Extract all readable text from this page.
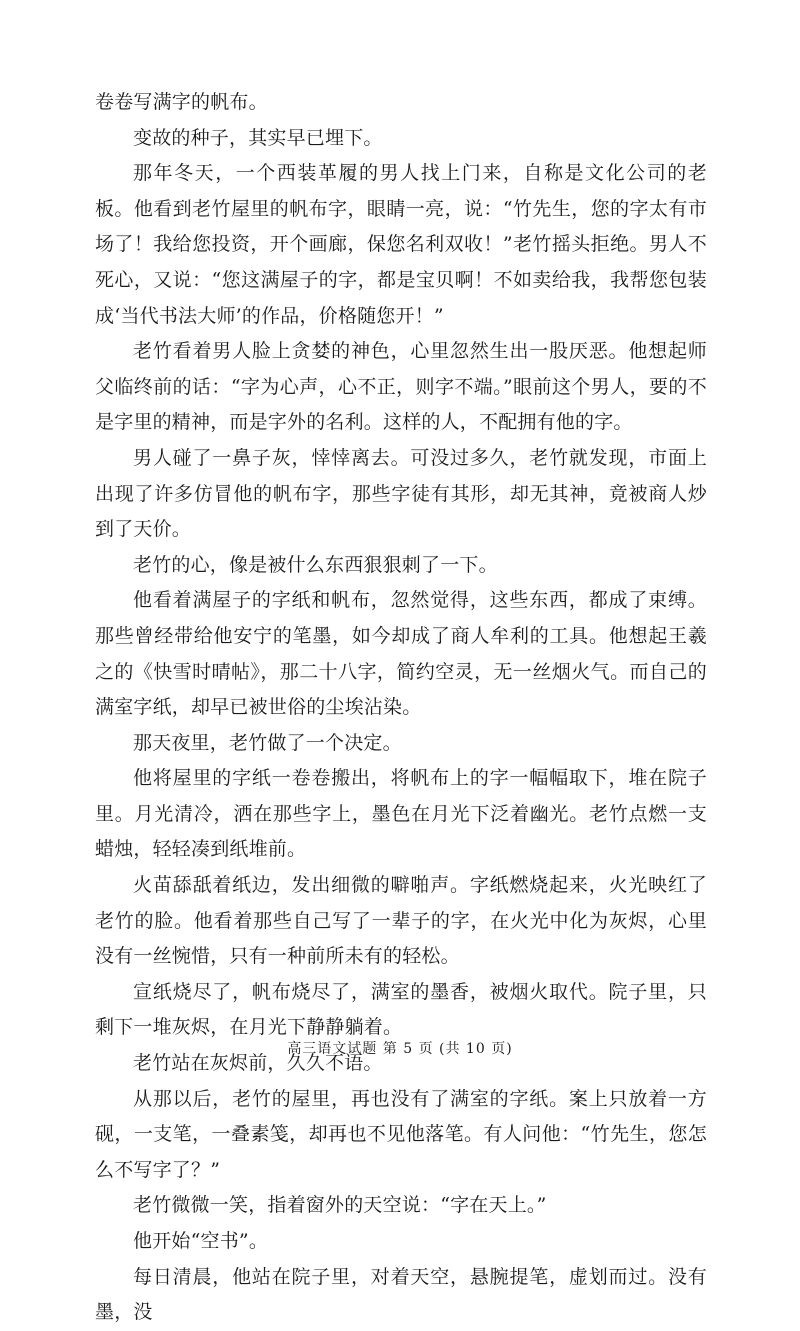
卷卷写满字的帆布。

变故的种子，其实早已埋下。

那年冬天，一个西装革履的男人找上门来，自称是文化公司的老板。他看到老竹屋里的帆布字，眼睛一亮，说：“竹先生，您的字太有市场了！我给您投资，开个画廊，保您名利双收！”老竹摇头拒绝。男人不死心，又说：“您这满屋子的字，都是宝贝啊！不如卖给我，我帮您包装成‘当代书法大师’的作品，价格随您开！”

老竹看着男人脸上贪婪的神色，心里忽然生出一股厌恶。他想起师父临终前的话：“字为心声，心不正，则字不端。”眼前这个男人，要的不是字里的精神，而是字外的名利。这样的人，不配拥有他的字。

男人碰了一鼻子灰，悻悻离去。可没过多久，老竹就发现，市面上出现了许多仿冒他的帆布字，那些字徒有其形，却无其神，竟被商人炒到了天价。

老竹的心，像是被什么东西狠狠刺了一下。

他看着满屋子的字纸和帆布，忽然觉得，这些东西，都成了束缚。那些曾经带给他安宁的笔墨，如今却成了商人牟利的工具。他想起王羲之的《快雪时晴帖》，那二十八字，简约空灵，无一丝烟火气。而自己的满室字纸，却早已被世俗的尘埃沾染。

那天夜里，老竹做了一个决定。

他将屋里的字纸一卷卷搬出，将帆布上的字一幅幅取下，堆在院子里。月光清冷，洒在那些字上，墨色在月光下泛着幽光。老竹点燃一支蜡烛，轻轻凑到纸堆前。

火苗舔舐着纸边，发出细微的噼啪声。字纸燃烧起来，火光映红了老竹的脸。他看着那些自己写了一辈子的字，在火光中化为灰烬，心里没有一丝惋惜，只有一种前所未有的轻松。

宣纸烧尽了，帆布烧尽了，满室的墨香，被烟火取代。院子里，只剩下一堆灰烬，在月光下静静躺着。

老竹站在灰烬前，久久不语。

从那以后，老竹的屋里，再也没有了满室的字纸。案上只放着一方砚，一支笔，一叠素笺，却再也不见他落笔。有人问他：“竹先生，您怎么不写字了？”

老竹微微一笑，指着窗外的天空说：“字在天上。”

他开始“空书”。

每日清晨，他站在院子里，对着天空，悬腕提笔，虚划而过。没有墨，没

高三语文试题 第 5 页 (共 10 页)
